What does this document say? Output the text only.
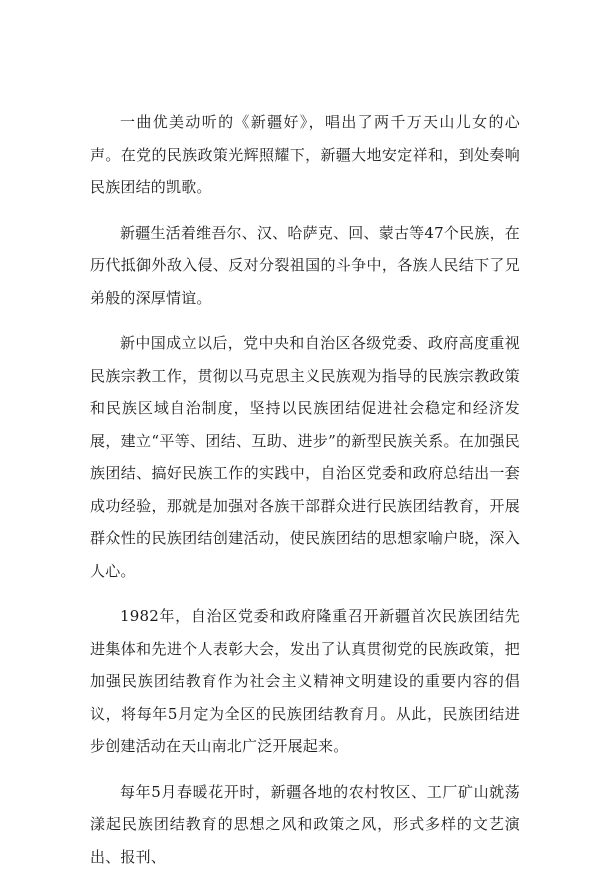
一曲优美动听的《新疆好》，唱出了两千万天山儿女的心声。在党的民族政策光辉照耀下，新疆大地安定祥和，到处奏响民族团结的凯歌。

新疆生活着维吾尔、汉、哈萨克、回、蒙古等47个民族，在历代抵御外敌入侵、反对分裂祖国的斗争中，各族人民结下了兄弟般的深厚情谊。

新中国成立以后，党中央和自治区各级党委、政府高度重视民族宗教工作，贯彻以马克思主义民族观为指导的民族宗教政策和民族区域自治制度，坚持以民族团结促进社会稳定和经济发展，建立“平等、团结、互助、进步”的新型民族关系。在加强民族团结、搞好民族工作的实践中，自治区党委和政府总结出一套成功经验，那就是加强对各族干部群众进行民族团结教育，开展群众性的民族团结创建活动，使民族团结的思想家喻户晓，深入人心。

1982年，自治区党委和政府隆重召开新疆首次民族团结先进集体和先进个人表彰大会，发出了认真贯彻党的民族政策，把加强民族团结教育作为社会主义精神文明建设的重要内容的倡议，将每年5月定为全区的民族团结教育月。从此，民族团结进步创建活动在天山南北广泛开展起来。

每年5月春暖花开时，新疆各地的农村牧区、工厂矿山就荡漾起民族团结教育的思想之风和政策之风，形式多样的文艺演出、报刊、
